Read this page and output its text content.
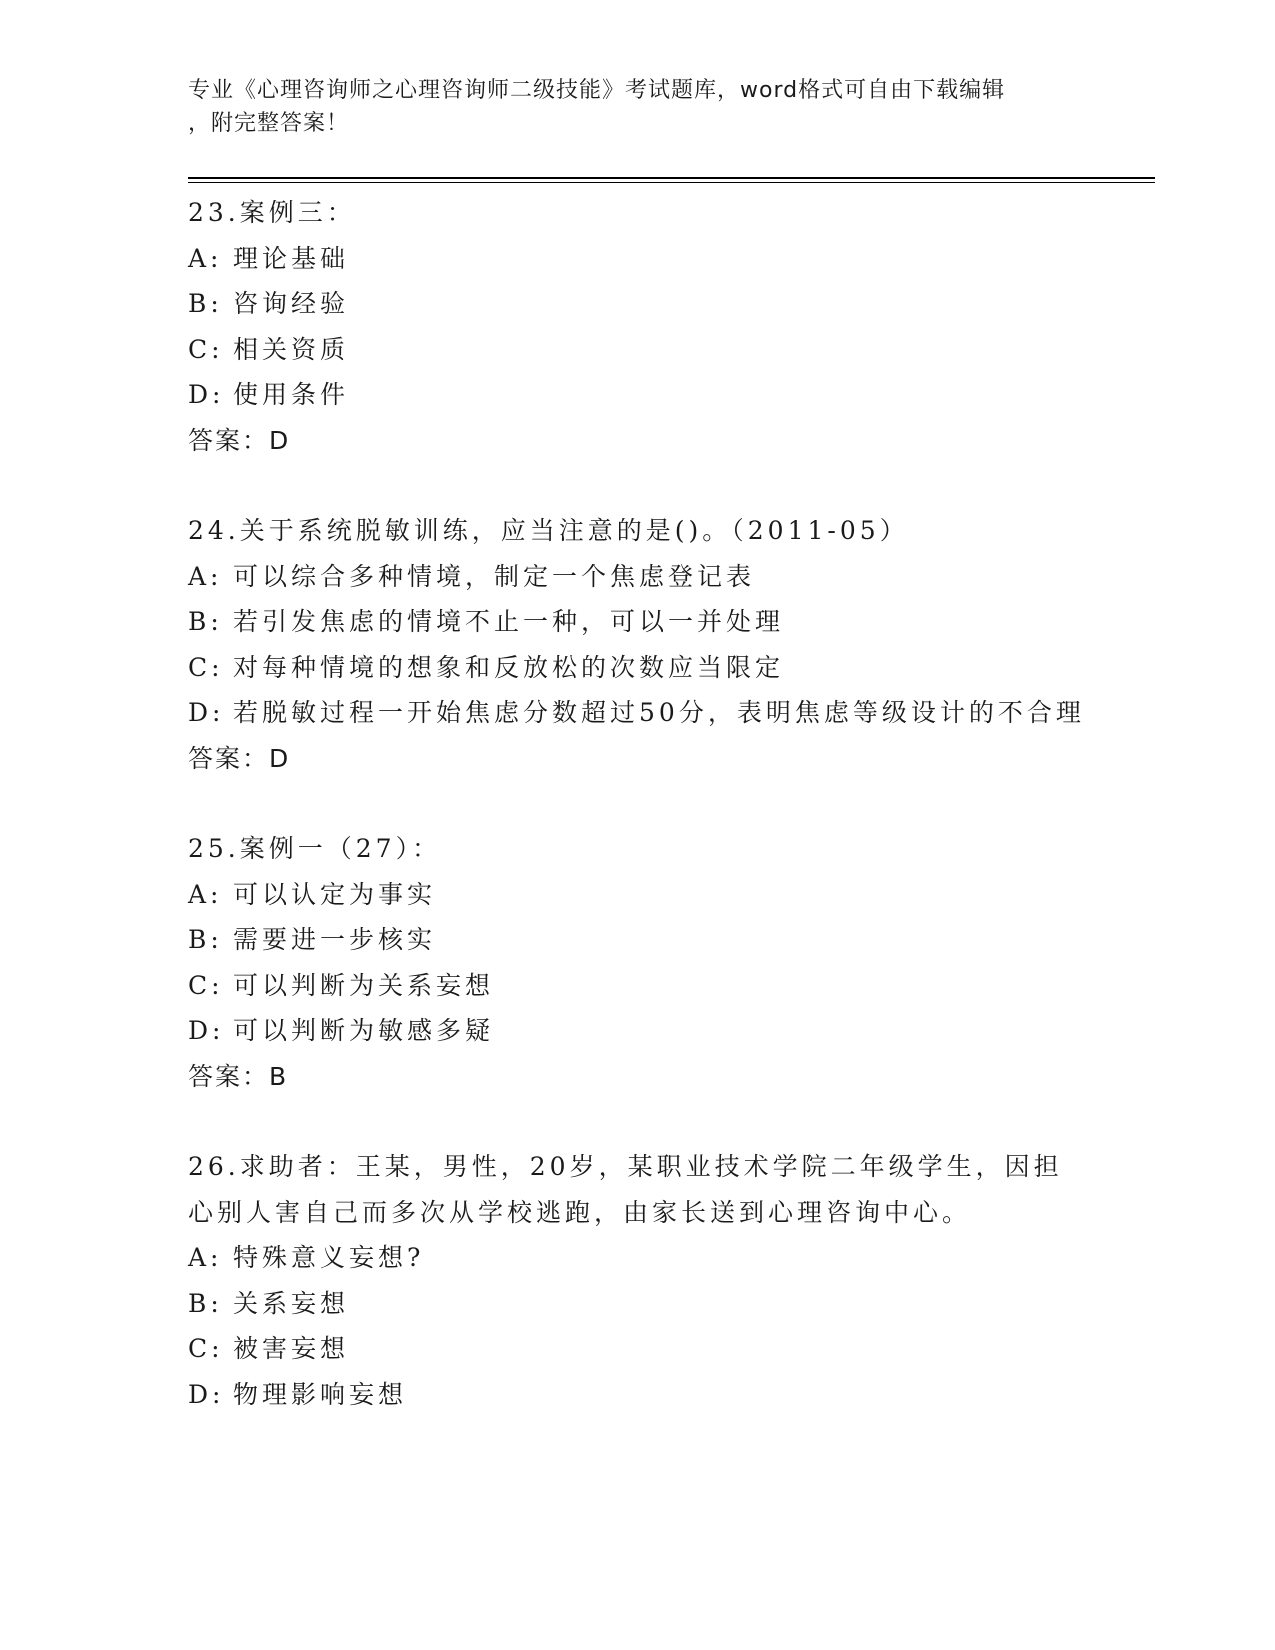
专业《心理咨询师之心理咨询师二级技能》考试题库，word格式可自由下载编辑
，附完整答案！
23.案例三：
A: 理论基础
B: 咨询经验
C: 相关资质
D: 使用条件
答案：D
24.关于系统脱敏训练，应当注意的是()。（2011-05）
A: 可以综合多种情境，制定一个焦虑登记表
B: 若引发焦虑的情境不止一种，可以一并处理
C: 对每种情境的想象和反放松的次数应当限定
D: 若脱敏过程一开始焦虑分数超过50分，表明焦虑等级设计的不合理
答案：D
25.案例一（27）：
A: 可以认定为事实
B: 需要进一步核实
C: 可以判断为关系妄想
D: 可以判断为敏感多疑
答案：B
26.求助者：王某，男性，20岁，某职业技术学院二年级学生，因担心别人害自己而多次从学校逃跑，由家长送到心理咨询中心。
A: 特殊意义妄想?
B: 关系妄想
C: 被害妄想
D: 物理影响妄想
